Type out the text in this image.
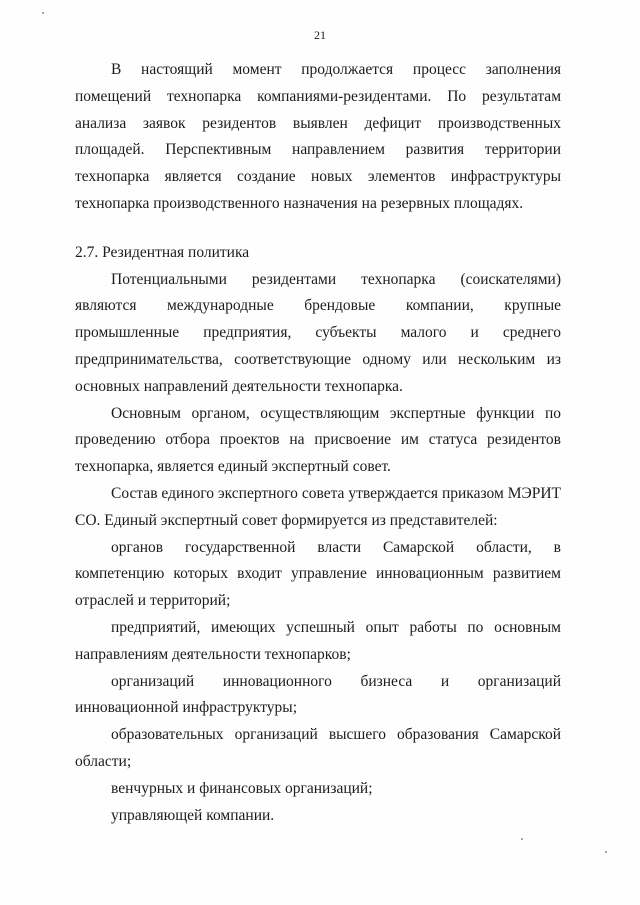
21

В настоящий момент продолжается процесс заполнения помещений технопарка компаниями-резидентами. По результатам анализа заявок резидентов выявлен дефицит производственных площадей. Перспективным направлением развития территории технопарка является создание новых элементов инфраструктуры технопарка производственного назначения на резервных площадях.

2.7. Резидентная политика

Потенциальными резидентами технопарка (соискателями) являются международные брендовые компании, крупные промышленные предприятия, субъекты малого и среднего предпринимательства, соответствующие одному или нескольким из основных направлений деятельности технопарка.

Основным органом, осуществляющим экспертные функции по проведению отбора проектов на присвоение им статуса резидентов технопарка, является единый экспертный совет.

Состав единого экспертного совета утверждается приказом МЭРИТ СО. Единый экспертный совет формируется из представителей:

органов государственной власти Самарской области, в компетенцию которых входит управление инновационным развитием отраслей и территорий;

предприятий, имеющих успешный опыт работы по основным направлениям деятельности технопарков;

организаций инновационного бизнеса и организаций инновационной инфраструктуры;

образовательных организаций высшего образования Самарской области;

венчурных и финансовых организаций;

управляющей компании.
